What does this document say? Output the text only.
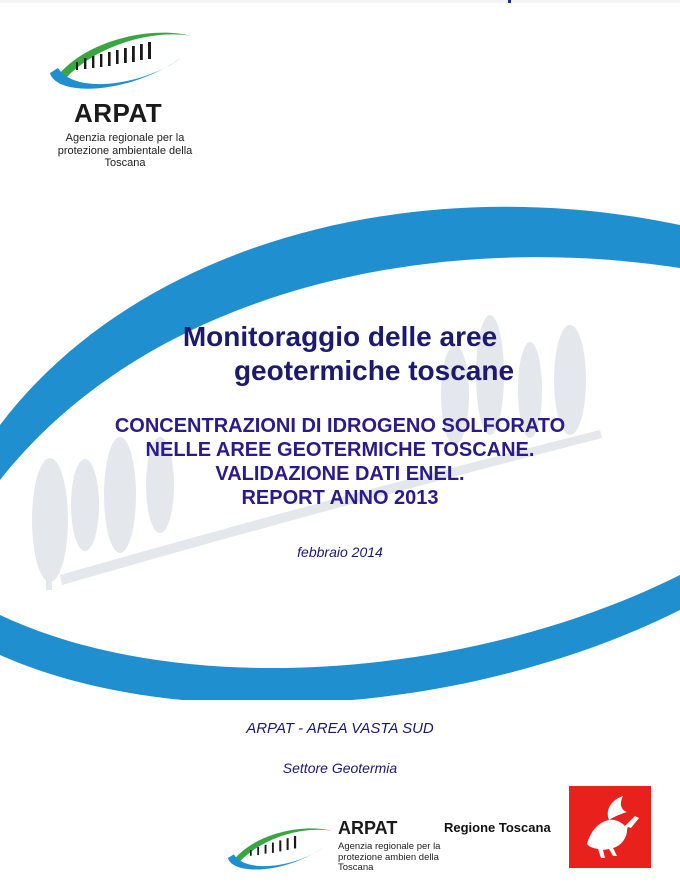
ARPAT
Agenzia regionale per la protezione ambientale della Toscana
Monitoraggio delle aree
geotermiche toscane
CONCENTRAZIONI DI IDROGENO SOLFORATO
NELLE AREE GEOTERMICHE TOSCANE.
VALIDAZIONE DATI ENEL.
REPORT ANNO 2013
febbraio 2014
ARPAT - AREA VASTA SUD
Settore Geotermia
ARPAT
Agenzia regionale per la protezione ambien della Toscana
Regione Toscana
